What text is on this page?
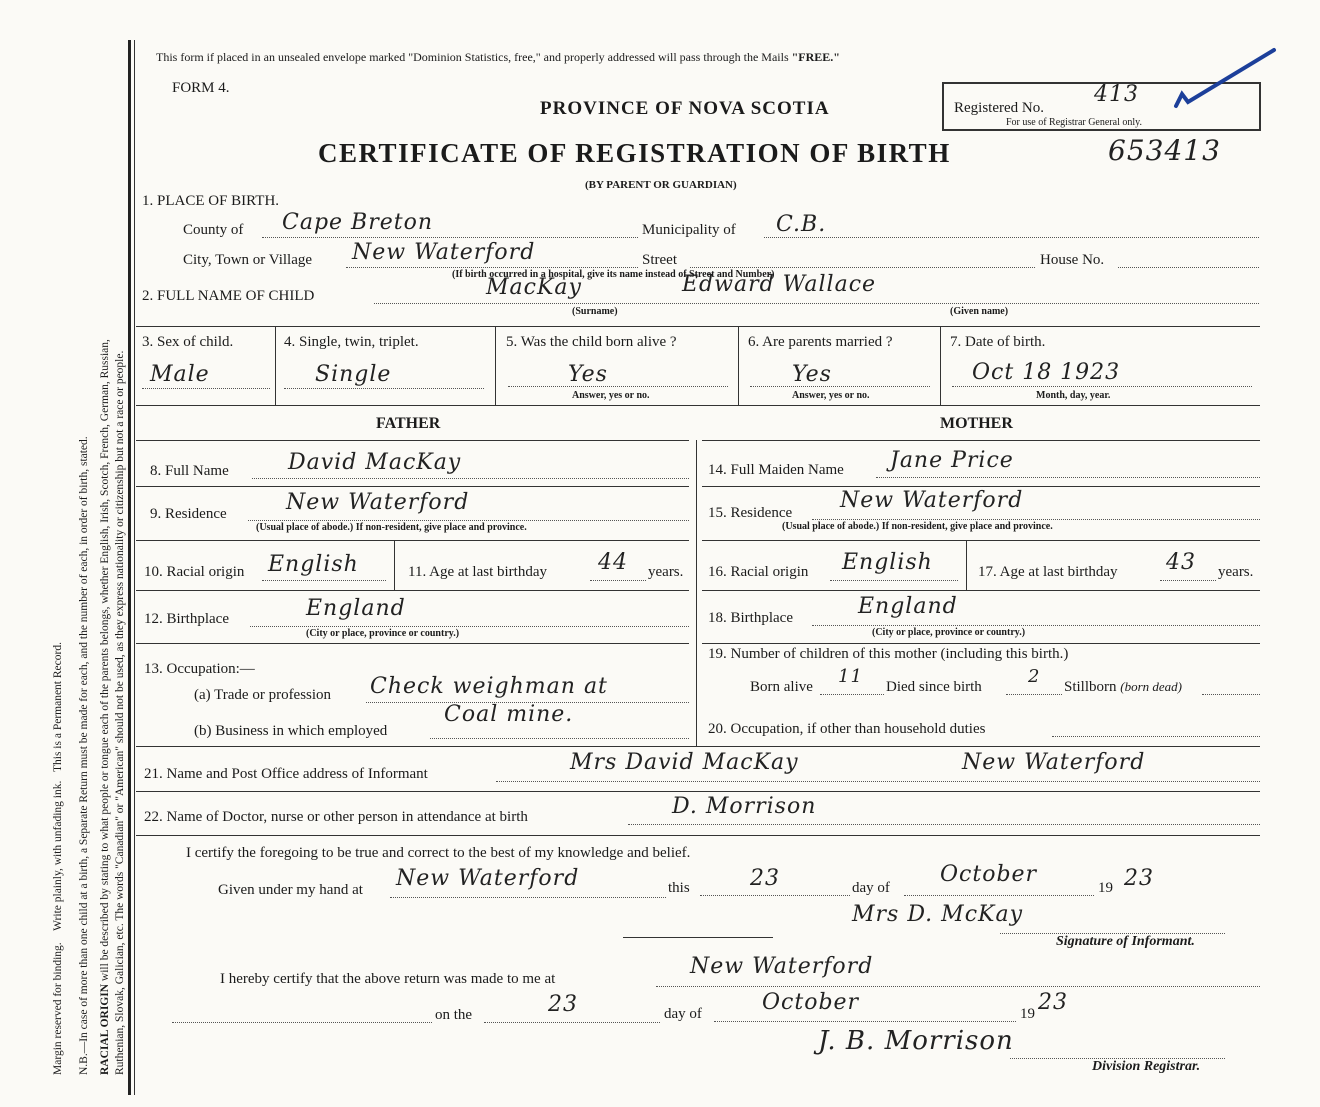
Margin reserved for binding.    Write plainly, with unfading ink.   This is a Permanent Record. N.B.—In case of more than one child at a birth, a Separate Return must be made for each, and the number of each, in order of birth, stated. RACIAL ORIGIN will be described by stating to what people or tongue each of the parents belongs, whether English, Irish, Scotch, French, German, Russian, Ruthenian, Slovak, Galician, etc. The words "Canadian" or "American" should not be used, as they express nationality or citizenship but not a race or people.
This form if placed in an unsealed envelope marked "Dominion Statistics, free," and properly addressed will pass through the Mails "FREE."
FORM 4.
PROVINCE OF NOVA SCOTIA	Registered No.
413
For use of Registrar General only.
CERTIFICATE OF REGISTRATION OF BIRTH	653413
(BY PARENT OR GUARDIAN)
1. PLACE OF BIRTH.
County of Cape Breton	Municipality of C.B.
City, Town or Village New Waterford	Street	House No.
(If birth occurred in a hospital, give its name instead of Street and Number)
2. FULL NAME OF CHILD	MacKay	Edward Wallace
(Surname)	(Given name)
3. Sex of child.
Male
4. Single, twin, triplet.
Single
5. Was the child born alive ?
Yes
Answer, yes or no.
6. Are parents married ?
Yes
Answer, yes or no.
7. Date of birth.
Oct 18 1923
Month, day, year.
FATHER	MOTHER
8. Full Name	David MacKay
9. Residence	New Waterford
(Usual place of abode.) If non-resident, give place and province.
10. Racial origin English	11. Age at last birthday 44 years.
12. Birthplace	England
(City or place, province or country.)
13. Occupation:—
(a) Trade or profession Check weighman at
(b) Business in which employed
Coal mine.
14. Full Maiden Name Jane Price
15. Residence New Waterford
(Usual place of abode.) If non-resident, give place and province.
16. Racial origin English	17. Age at last birthday 43 years.
18. Birthplace	England
(City or place, province or country.)
19. Number of children of this mother (including this birth.)
Born alive 11 Died since birth	2 Stillborn (born dead)
20. Occupation, if other than household duties
21. Name and Post Office address of Informant	Mrs David MacKay	New Waterford
22. Name of Doctor, nurse or other person in attendance at birth	D. Morrison
I certify the foregoing to be true and correct to the best of my knowledge and belief.
Given under my hand at New Waterford	this	23	day of
October
19 23
Mrs D. McKay
Signature of Informant.
I hereby certify that the above return was made to me at	New Waterford
on the	23	day of	October	19 23
J. B. Morrison
Division Registrar.
